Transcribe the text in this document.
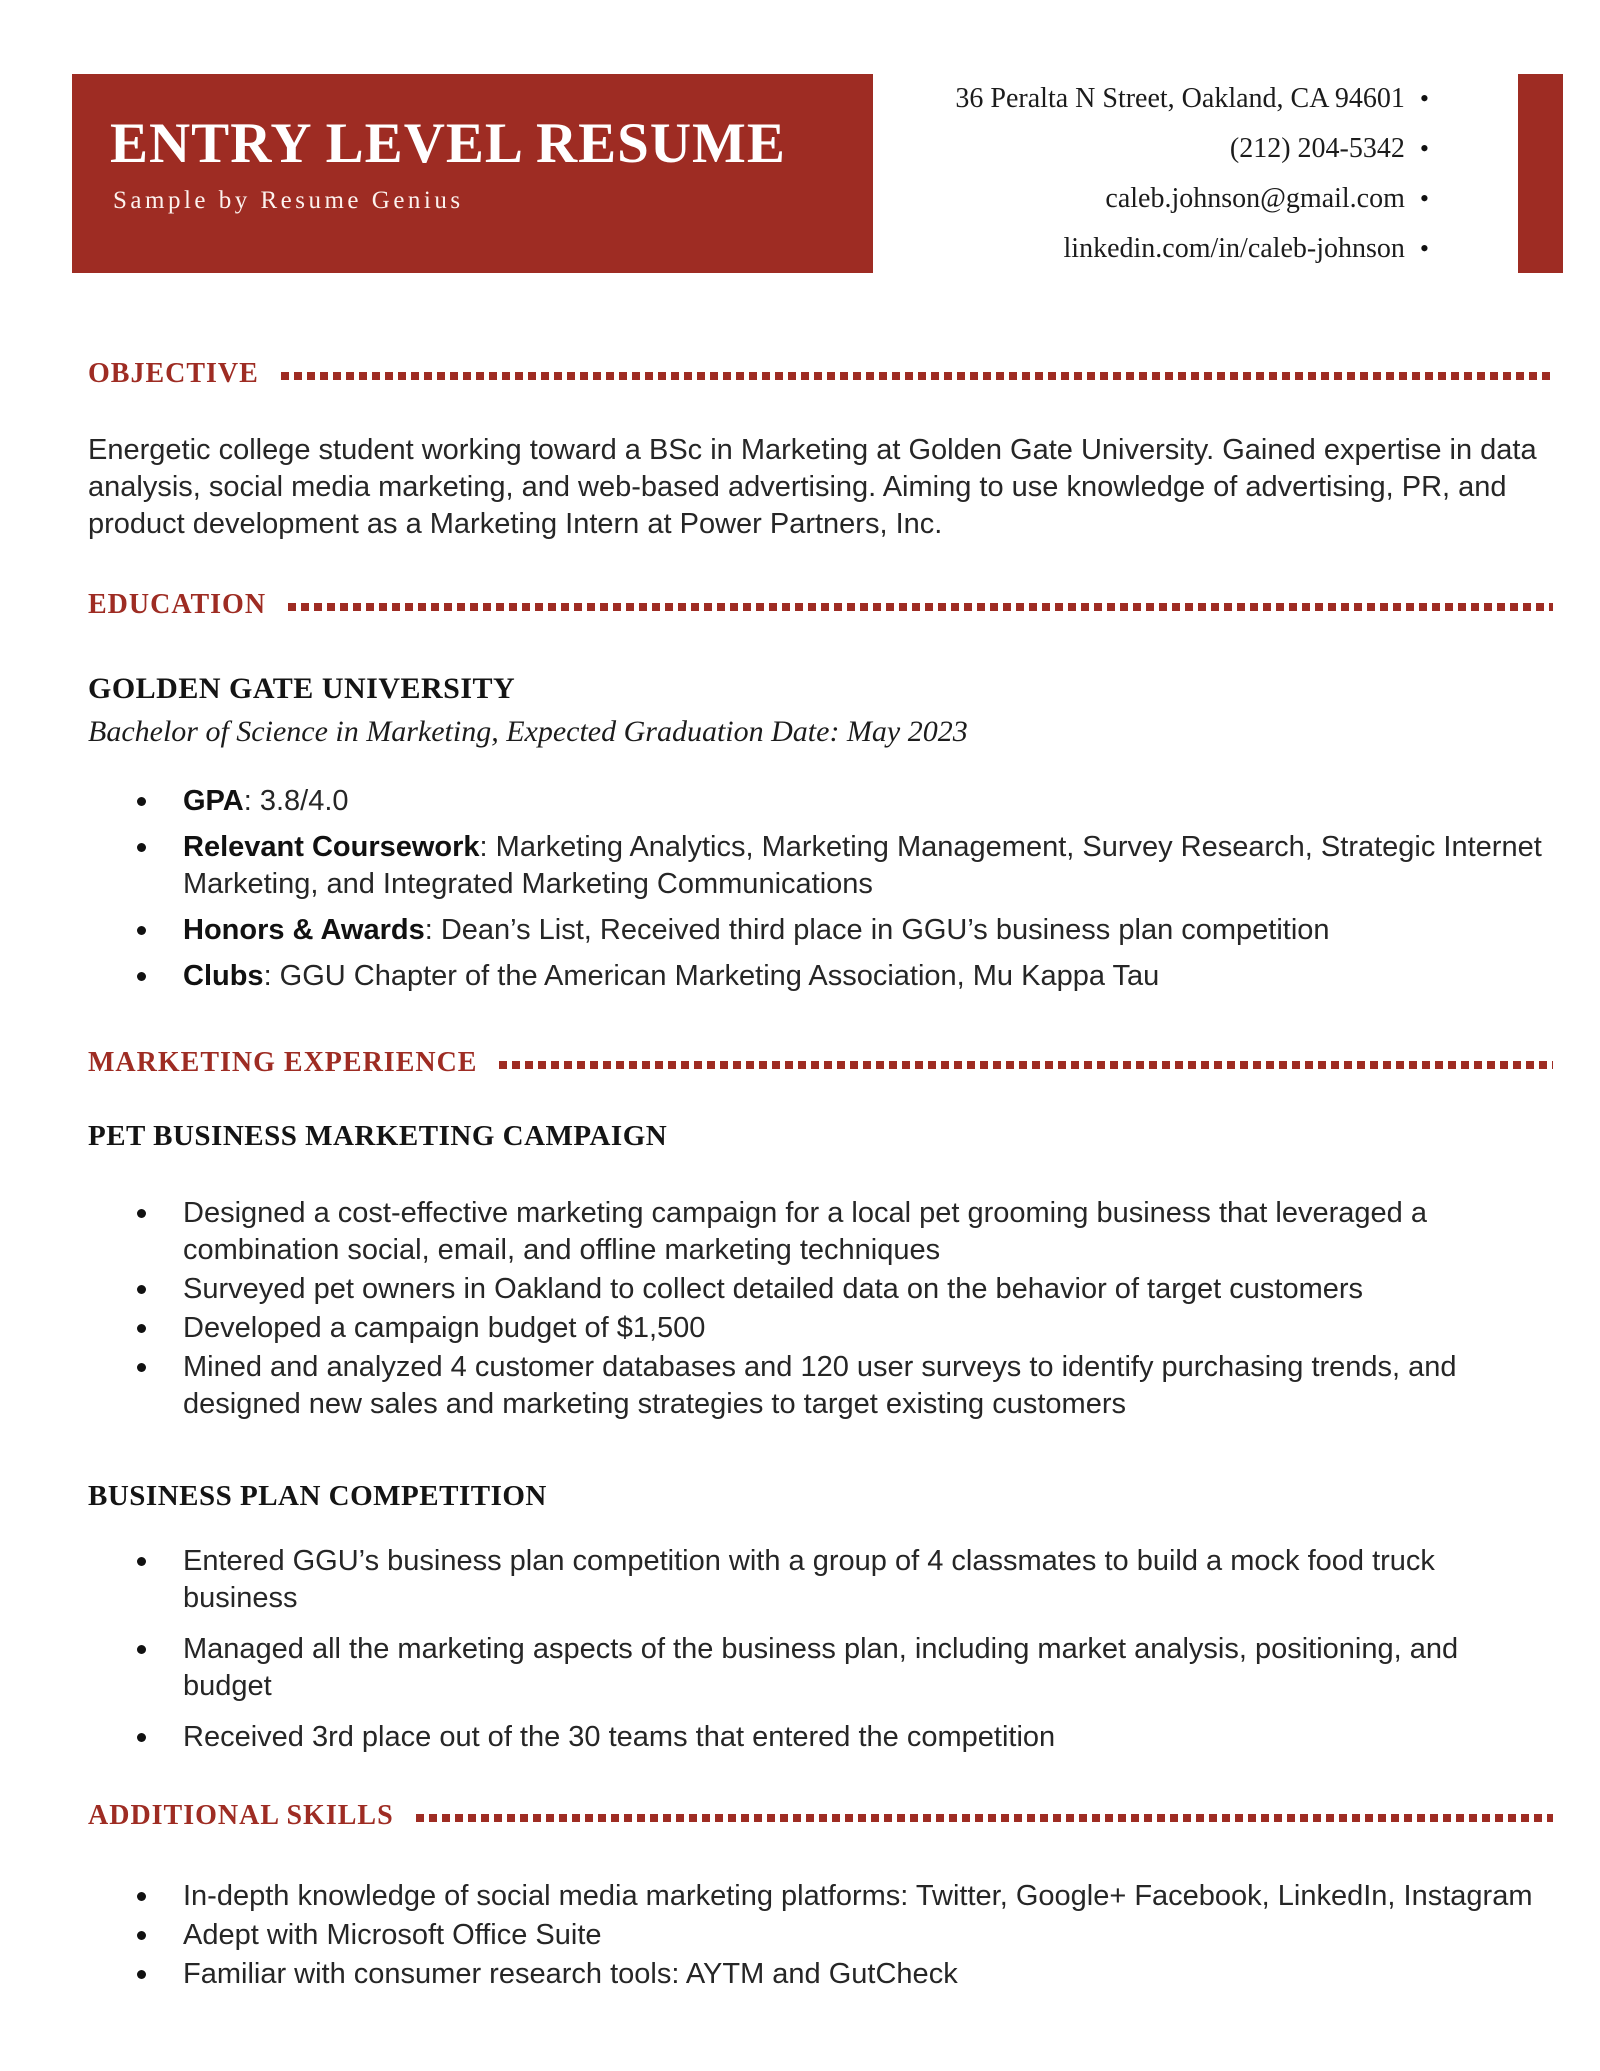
ENTRY LEVEL RESUME
Sample by Resume Genius
36 Peralta N Street, Oakland, CA 94601 •
(212) 204-5342 •
caleb.johnson@gmail.com •
linkedin.com/in/caleb-johnson •
OBJECTIVE

Energetic college student working toward a BSc in Marketing at Golden Gate University. Gained expertise in data analysis, social media marketing, and web-based advertising. Aiming to use knowledge of advertising, PR, and product development as a Marketing Intern at Power Partners, Inc.

EDUCATION
GOLDEN GATE UNIVERSITY
Bachelor of Science in Marketing, Expected Graduation Date: May 2023
GPA: 3.8/4.0
Relevant Coursework: Marketing Analytics, Marketing Management, Survey Research, Strategic Internet Marketing, and Integrated Marketing Communications
Honors & Awards: Dean’s List, Received third place in GGU’s business plan competition
Clubs: GGU Chapter of the American Marketing Association, Mu Kappa Tau
MARKETING EXPERIENCE
PET BUSINESS MARKETING CAMPAIGN
Designed a cost-effective marketing campaign for a local pet grooming business that leveraged a combination social, email, and offline marketing techniques
Surveyed pet owners in Oakland to collect detailed data on the behavior of target customers
Developed a campaign budget of $1,500
Mined and analyzed 4 customer databases and 120 user surveys to identify purchasing trends, and designed new sales and marketing strategies to target existing customers
BUSINESS PLAN COMPETITION
Entered GGU’s business plan competition with a group of 4 classmates to build a mock food truck business
Managed all the marketing aspects of the business plan, including market analysis, positioning, and budget
Received 3rd place out of the 30 teams that entered the competition
ADDITIONAL SKILLS
In-depth knowledge of social media marketing platforms: Twitter, Google+ Facebook, LinkedIn, Instagram
Adept with Microsoft Office Suite
Familiar with consumer research tools: AYTM and GutCheck
